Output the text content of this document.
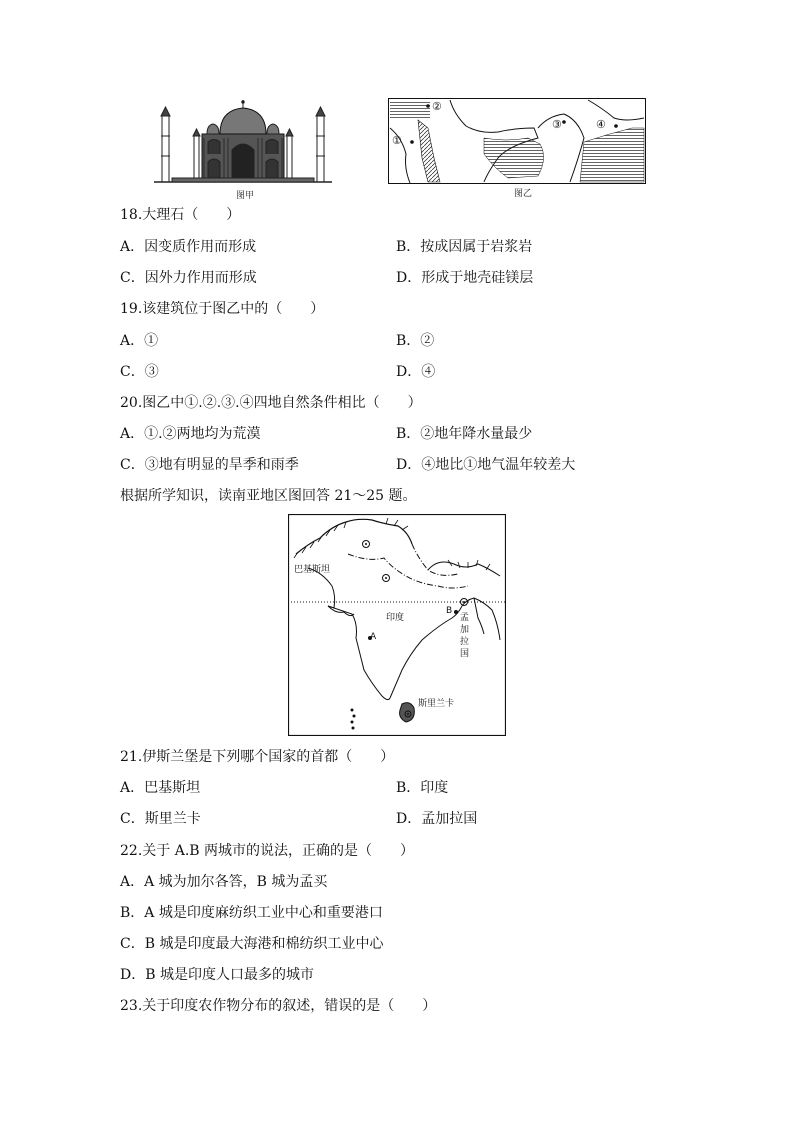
图甲
①
②
③	④
图乙
18.大理石（　　）
A．因变质作用而形成	B．按成因属于岩浆岩
C．因外力作用而形成	D．形成于地壳硅镁层
19.该建筑位于图乙中的（　　）
A．①	B．②
C．③	D．④
20.图乙中①.②.③.④四地自然条件相比（　　）
A．①.②两地均为荒漠	B．②地年降水量最少
C．③地有明显的旱季和雨季	D．④地比①地气温年较差大
根据所学知识，读南亚地区图回答 21～25 题。
巴基斯坦
印度
A
B
孟加拉国
斯里兰卡
21.伊斯兰堡是下列哪个国家的首都（　　）
A．巴基斯坦	B．印度
C．斯里兰卡	D．孟加拉国
22.关于 A.B 两城市的说法，正确的是（　　）
A．A 城为加尔各答，B 城为孟买
B．A 城是印度麻纺织工业中心和重要港口
C．B 城是印度最大海港和棉纺织工业中心
D．B 城是印度人口最多的城市
23.关于印度农作物分布的叙述，错误的是（　　）
